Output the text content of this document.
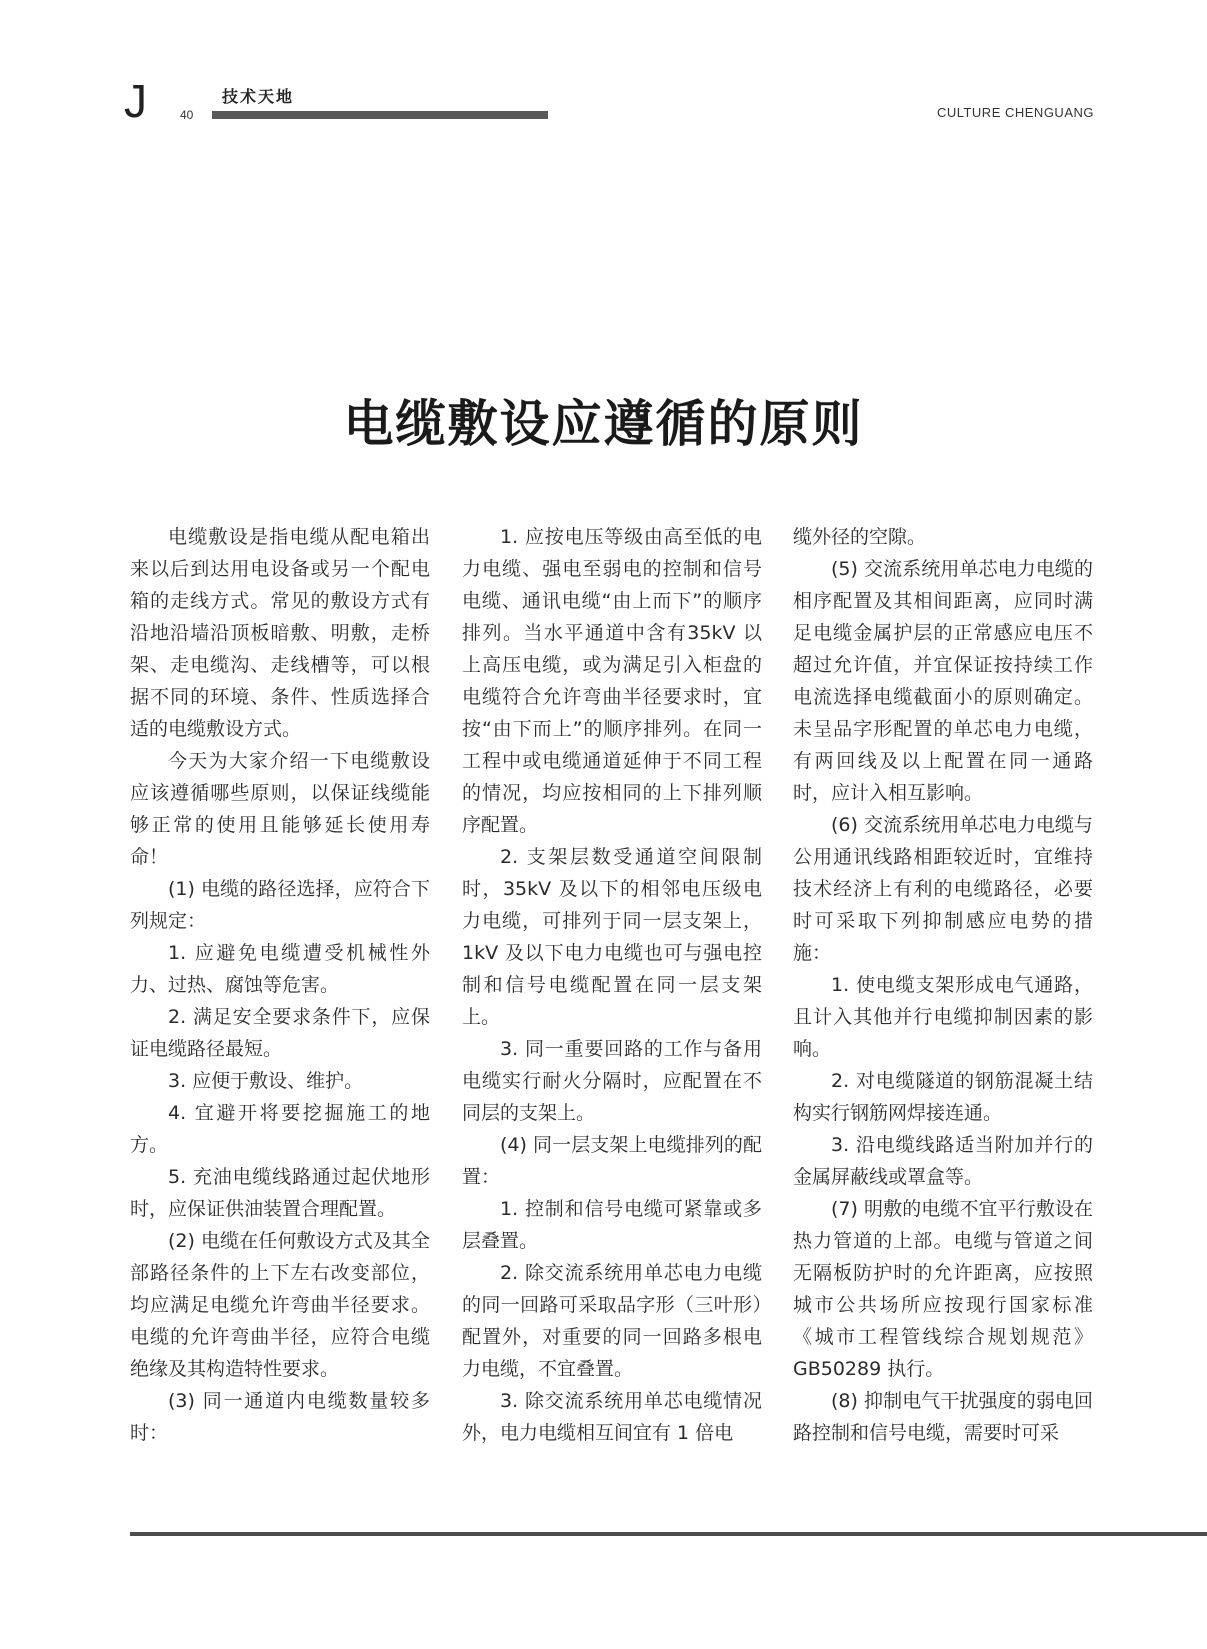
J	技术天地
40	CULTURE CHENGUANG
电缆敷设应遵循的原则

电缆敷设是指电缆从配电箱出来以后到达用电设备或另一个配电箱的走线方式。常见的敷设方式有沿地沿墙沿顶板暗敷、明敷，走桥架、走电缆沟、走线槽等，可以根据不同的环境、条件、性质选择合适的电缆敷设方式。

今天为大家介绍一下电缆敷设应该遵循哪些原则，以保证线缆能够正常的使用且能够延长使用寿命！

(1) 电缆的路径选择，应符合下列规定：

1. 应避免电缆遭受机械性外力、过热、腐蚀等危害。

2. 满足安全要求条件下，应保证电缆路径最短。

3. 应便于敷设、维护。

4. 宜避开将要挖掘施工的地方。

5. 充油电缆线路通过起伏地形时，应保证供油装置合理配置。

(2) 电缆在任何敷设方式及其全部路径条件的上下左右改变部位，均应满足电缆允许弯曲半径要求。电缆的允许弯曲半径，应符合电缆绝缘及其构造特性要求。

(3) 同一通道内电缆数量较多时：

1. 应按电压等级由高至低的电力电缆、强电至弱电的控制和信号电缆、通讯电缆“由上而下”的顺序排列。当水平通道中含有35kV 以上高压电缆，或为满足引入柜盘的电缆符合允许弯曲半径要求时，宜按“由下而上”的顺序排列。在同一工程中或电缆通道延伸于不同工程的情况，均应按相同的上下排列顺序配置。

2. 支架层数受通道空间限制时，35kV 及以下的相邻电压级电力电缆，可排列于同一层支架上，1kV 及以下电力电缆也可与强电控制和信号电缆配置在同一层支架上。

3. 同一重要回路的工作与备用电缆实行耐火分隔时，应配置在不同层的支架上。

(4) 同一层支架上电缆排列的配置：

1. 控制和信号电缆可紧靠或多层叠置。

2. 除交流系统用单芯电力电缆的同一回路可采取品字形（三叶形）配置外，对重要的同一回路多根电力电缆，不宜叠置。

3. 除交流系统用单芯电缆情况外，电力电缆相互间宜有 1 倍电

缆外径的空隙。

(5) 交流系统用单芯电力电缆的相序配置及其相间距离，应同时满足电缆金属护层的正常感应电压不超过允许值，并宜保证按持续工作电流选择电缆截面小的原则确定。未呈品字形配置的单芯电力电缆，有两回线及以上配置在同一通路时，应计入相互影响。

(6) 交流系统用单芯电力电缆与公用通讯线路相距较近时，宜维持技术经济上有利的电缆路径，必要时可采取下列抑制感应电势的措施：

1. 使电缆支架形成电气通路，且计入其他并行电缆抑制因素的影响。

2. 对电缆隧道的钢筋混凝土结构实行钢筋网焊接连通。

3. 沿电缆线路适当附加并行的金属屏蔽线或罩盒等。

(7) 明敷的电缆不宜平行敷设在热力管道的上部。电缆与管道之间无隔板防护时的允许距离，应按照城市公共场所应按现行国家标准《城市工程管线综合规划规范》GB50289 执行。

(8) 抑制电气干扰强度的弱电回路控制和信号电缆，需要时可采
